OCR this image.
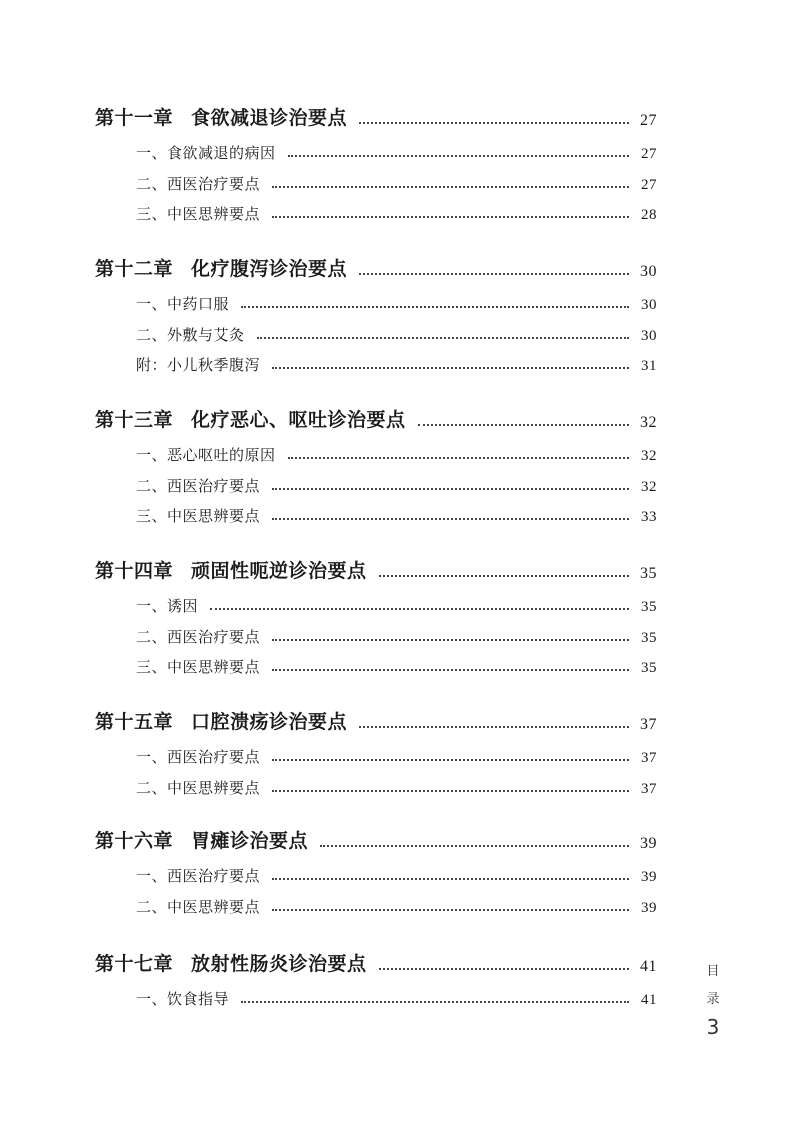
第十一章 食欲减退诊治要点	27
一、食欲减退的病因	27
二、西医治疗要点	27
三、中医思辨要点	28
第十二章 化疗腹泻诊治要点	30
一、中药口服	30
二、外敷与艾灸	30
附：小儿秋季腹泻	31
第十三章 化疗恶心、呕吐诊治要点	32
一、恶心呕吐的原因	32
二、西医治疗要点	32
三、中医思辨要点	33
第十四章 顽固性呃逆诊治要点	35
一、诱因	35
二、西医治疗要点	35
三、中医思辨要点	35
第十五章 口腔溃疡诊治要点	37
一、西医治疗要点	37
二、中医思辨要点	37
第十六章 胃瘫诊治要点	39
一、西医治疗要点	39
二、中医思辨要点	39
第十七章 放射性肠炎诊治要点	41
一、饮食指导	41
目
录
3
